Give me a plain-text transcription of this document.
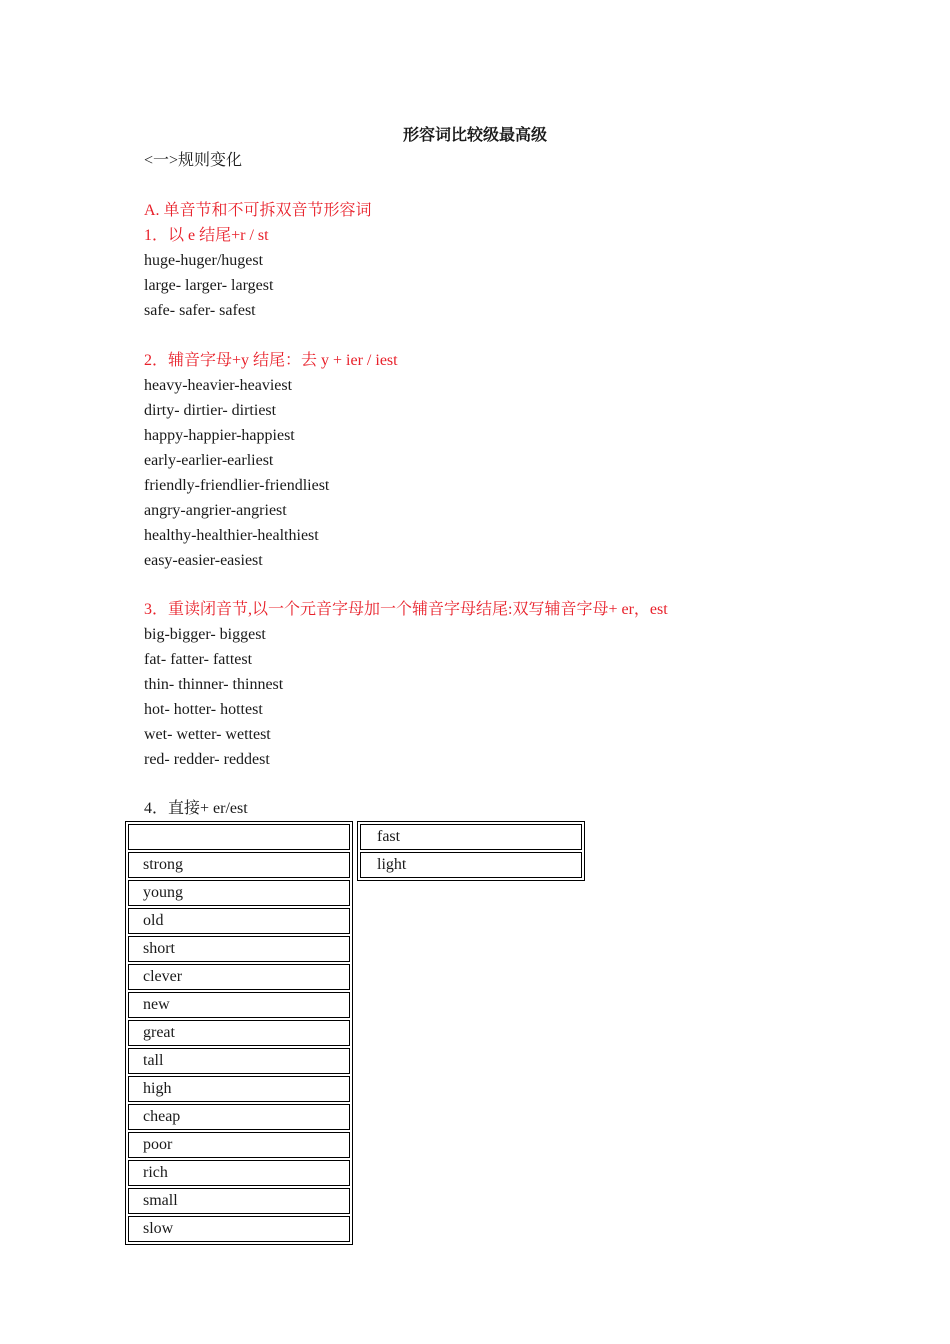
形容词比较级最高级
<一>规则变化
A. 单音节和不可拆双音节形容词
1．以 e 结尾+r / st
huge-huger/hugest
large- larger- largest
safe- safer- safest
2．辅音字母+y 结尾：去 y + ier / iest
heavy-heavier-heaviest
dirty- dirtier- dirtiest
happy-happier-happiest
early-earlier-earliest
friendly-friendlier-friendliest
angry-angrier-angriest
healthy-healthier-healthiest
easy-easier-easiest
3．重读闭音节,以一个元音字母加一个辅音字母结尾:双写辅音字母+ er，est
big-bigger- biggest
fat- fatter- fattest
thin- thinner- thinnest
hot- hotter- hottest
wet- wetter- wettest
red- redder- reddest
4．直接+ er/est

strong
young
old
short
clever
new
great
tall
high
cheap
poor
rich
small
slow
fast
light
